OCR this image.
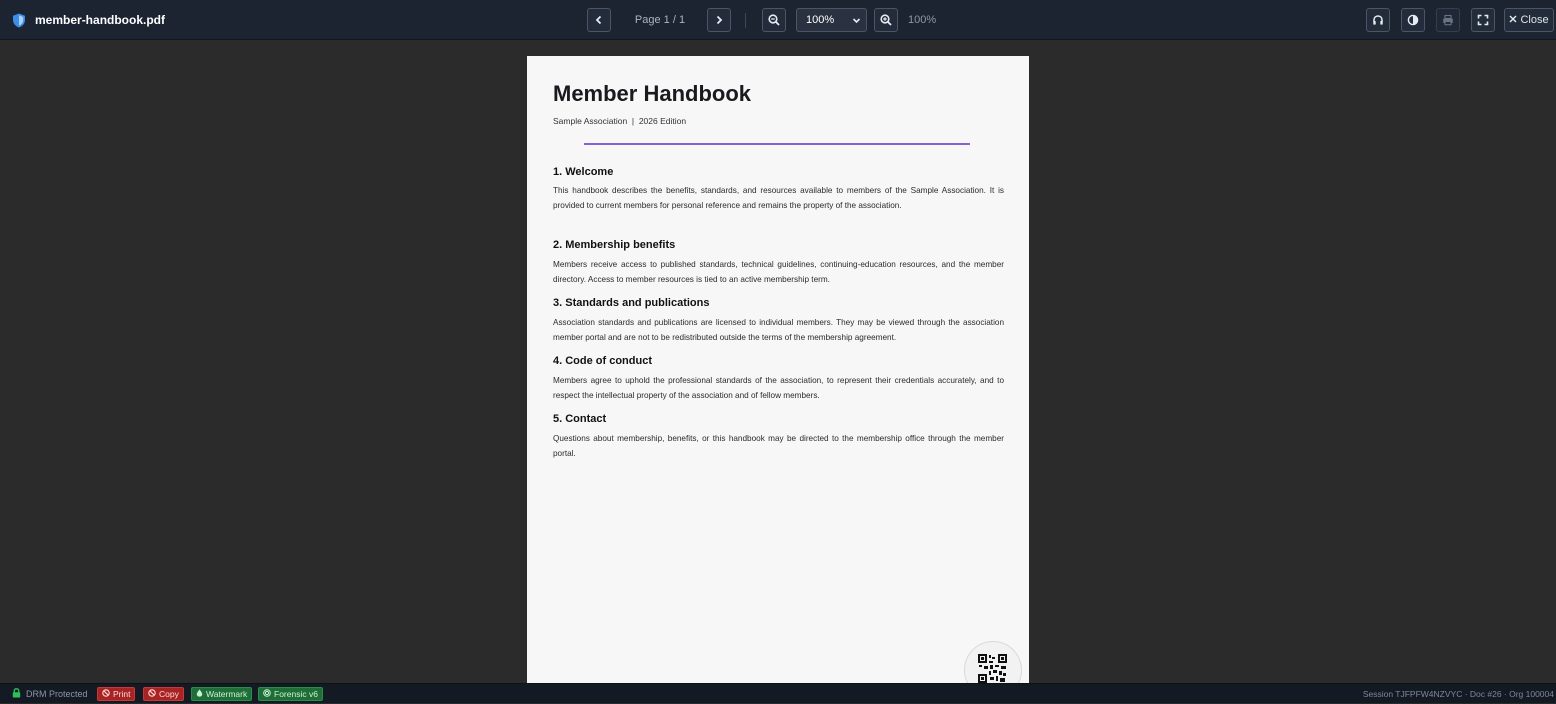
member-handbook.pdf	Page 1 / 1	100%	100%	Close
Member Handbook
Sample Association  |  2026 Edition
1. Welcome

This handbook describes the benefits, standards, and resources available to members of the Sample Association. It is provided to current members for personal reference and remains the property of the association.

2. Membership benefits

Members receive access to published standards, technical guidelines, continuing-education resources, and the member directory. Access to member resources is tied to an active membership term.

3. Standards and publications

Association standards and publications are licensed to individual members. They may be viewed through the association member portal and are not to be redistributed outside the terms of the membership agreement.

4. Code of conduct

Members agree to uphold the professional standards of the association, to represent their credentials accurately, and to respect the intellectual property of the association and of fellow members.

5. Contact

Questions about membership, benefits, or this handbook may be directed to the membership office through the member portal.

DRM Protected	Print	Copy	Watermark	Forensic v6	Session TJFPFW4NZVYC · Doc #26 · Org 100004
